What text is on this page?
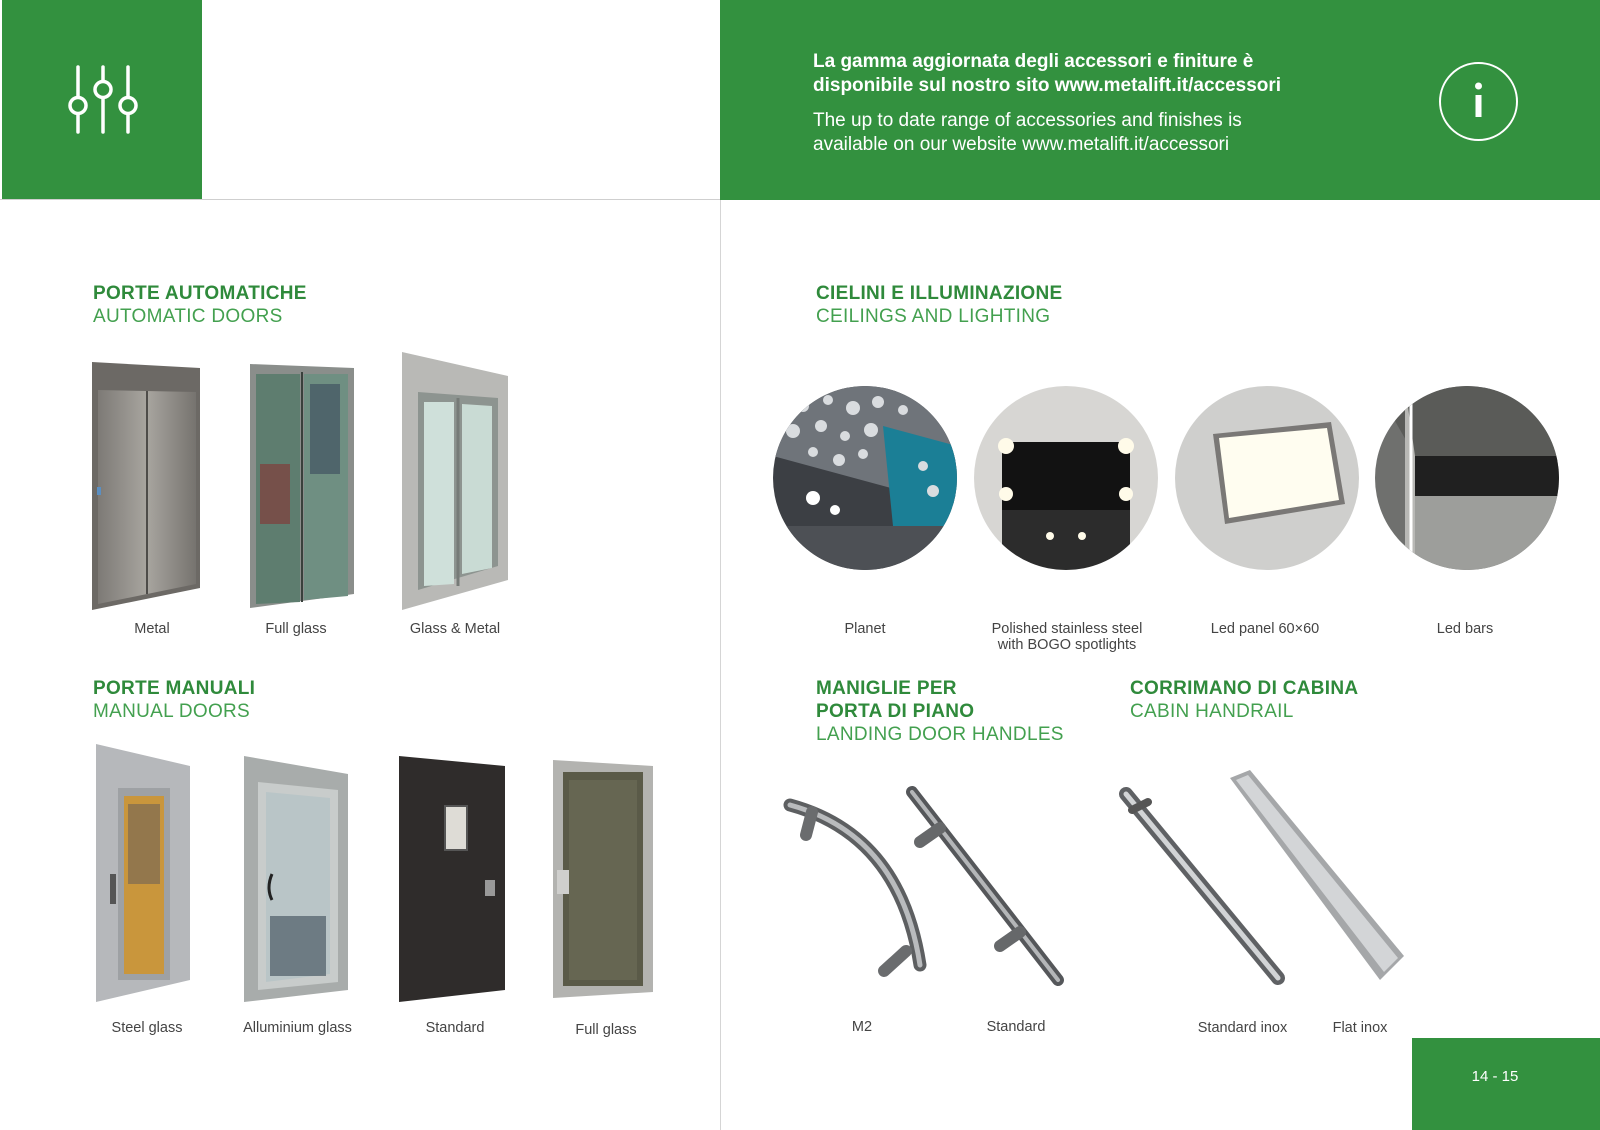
La gamma aggiornata degli accessori e finiture è disponibile sul nostro sito www.metalift.it/accessori
The up to date range of accessories and finishes is available on our website www.metalift.it/accessori
PORTE AUTOMATICHE
AUTOMATIC DOORS
Metal	Full glass	Glass & Metal
PORTE MANUALI
MANUAL DOORS
Steel glass	Alluminium glass	Standard	Full glass
CIELINI E ILLUMINAZIONE
CEILINGS AND LIGHTING
Planet	Polished stainless steel with BOGO spotlights
Led panel 60×60	Led bars
MANIGLIE PER
PORTA DI PIANO
LANDING DOOR HANDLES
M2	Standard
CORRIMANO DI CABINA
CABIN HANDRAIL
Standard inox	Flat inox
14 - 15
